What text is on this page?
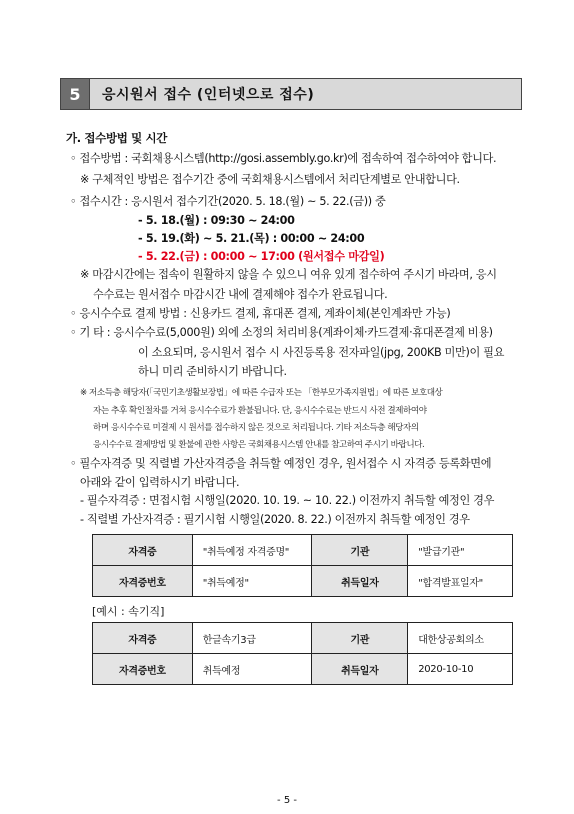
5	응시원서 접수 (인터넷으로 접수)
가. 접수방법 및 시간
◦ 접수방법 : 국회채용시스템(http://gosi.assembly.go.kr)에 접속하여 접수하여야 합니다.
※ 구체적인 방법은 접수기간 중에 국회채용시스템에서 처리단계별로 안내합니다.
◦ 접수시간 : 응시원서 접수기간(2020. 5. 18.(월) ~ 5. 22.(금)) 중
- 5. 18.(월) : 09:30 ~ 24:00
- 5. 19.(화) ~ 5. 21.(목) : 00:00 ~ 24:00
- 5. 22.(금) : 00:00 ~ 17:00 (원서접수 마감일)
※ 마감시간에는 접속이 원활하지 않을 수 있으니 여유 있게 접수하여 주시기 바라며, 응시
수수료는 원서접수 마감시간 내에 결제해야 접수가 완료됩니다.
◦ 응시수수료 결제 방법 : 신용카드 결제, 휴대폰 결제, 계좌이체(본인계좌만 가능)
◦ 기 타 : 응시수수료(5,000원) 외에 소정의 처리비용(계좌이체·카드결제·휴대폰결제 비용)
이 소요되며, 응시원서 접수 시 사진등록용 전자파일(jpg, 200KB 미만)이 필요
하니 미리 준비하시기 바랍니다.
※ 저소득층 해당자(「국민기초생활보장법」에 따른 수급자 또는 「한부모가족지원법」에 따른 보호대상
자는 추후 확인절차를 거쳐 응시수수료가 환불됩니다. 단, 응시수수료는 반드시 사전 결제하여야
하며 응시수수료 미결제 시 원서를 접수하지 않은 것으로 처리됩니다. 기타 저소득층 해당자의
응시수수료 결제방법 및 환불에 관한 사항은 국회채용시스템 안내를 참고하여 주시기 바랍니다.
◦ 필수자격증 및 직렬별 가산자격증을 취득할 예정인 경우, 원서접수 시 자격증 등록화면에
아래와 같이 입력하시기 바랍니다.
- 필수자격증 : 면접시험 시행일(2020. 10. 19. ~ 10. 22.) 이전까지 취득할 예정인 경우
- 직렬별 가산자격증 : 필기시험 시행일(2020. 8. 22.) 이전까지 취득할 예정인 경우
자격증	"취득예정 자격증명"	기관	"발급기관"
자격증번호	"취득예정"	취득일자	"합격발표일자"
[예시 : 속기직]
자격증	한글속기3급	기관	대한상공회의소
자격증번호	취득예정	취득일자	2020-10-10
- 5 -
